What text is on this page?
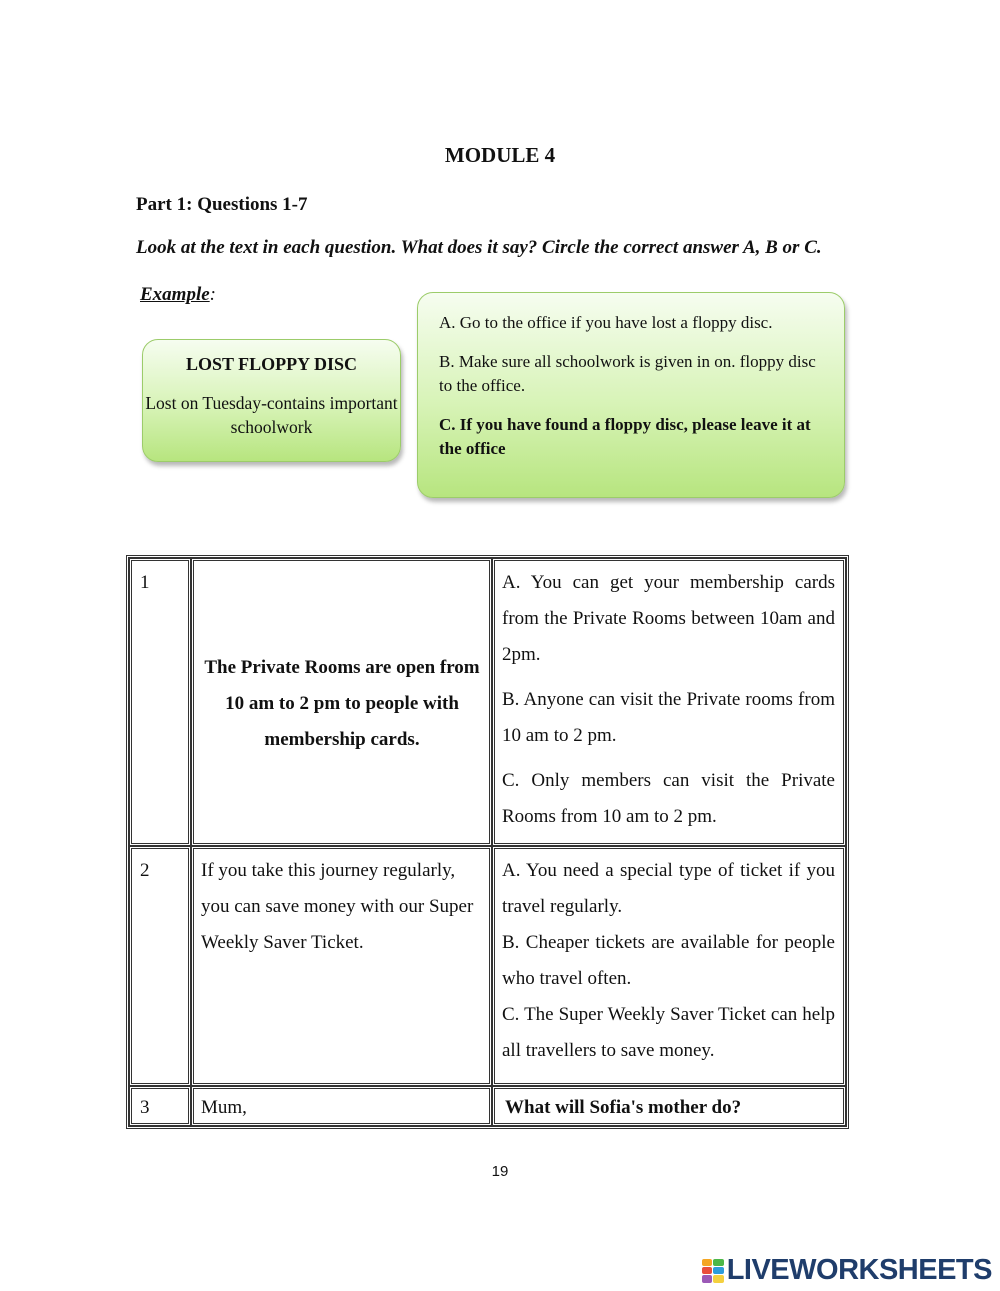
MODULE 4
Part 1: Questions 1-7
Look at the text in each question. What does it say? Circle the correct answer A, B or C.
Example:
LOST FLOPPY DISC
Lost on Tuesday-contains important schoolwork

A. Go to the office if you have lost a floppy disc.

B. Make sure all schoolwork is given in on. floppy disc to the office.

C. If you have found a floppy disc, please leave it at the office

1	The Private Rooms are open from 10 am to 2 pm to people with membership cards.	A. You can get your membership cards from the Private Rooms between 10am and 2pm.

B. Anyone can visit the Private rooms from 10 am to 2 pm.

C. Only members can visit the Private Rooms from 10 am to 2 pm.

2	If you take this journey regularly, you can save money with our Super Weekly Saver Ticket.	A. You need a special type of ticket if you travel regularly.

B. Cheaper tickets are available for people who travel often.

C. The Super Weekly Saver Ticket can help all travellers to save money.

3	Mum,	What will Sofia's mother do?
19
LIVEWORKSHEETS
